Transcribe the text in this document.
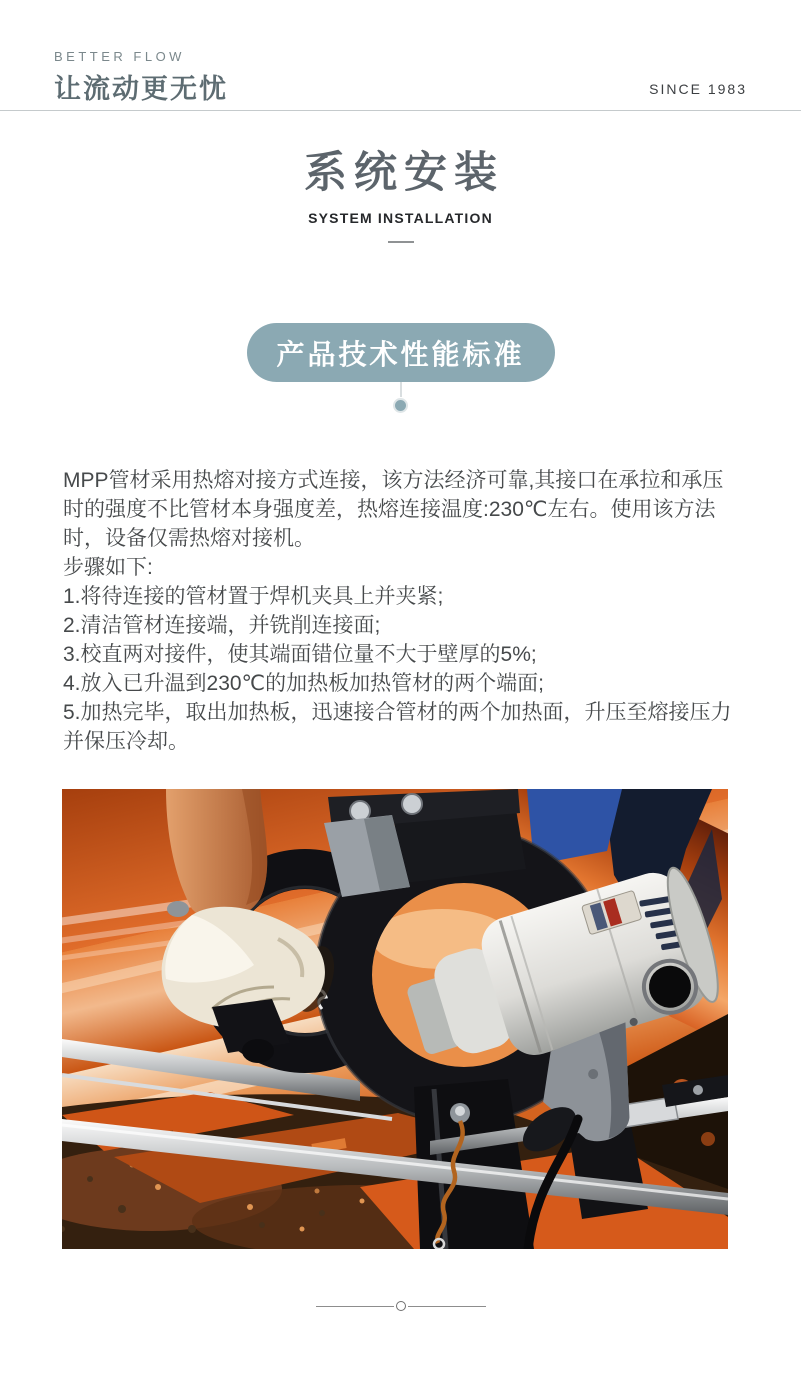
BETTER FLOW
让流动更无忧	SINCE 1983
系统安装
SYSTEM INSTALLATION
产品技术性能标准

MPP管材采用热熔对接方式连接，该方法经济可靠,其接口在承拉和承压时的强度不比管材本身强度差，热熔连接温度:230℃左右。使用该方法时，设备仅需热熔对接机。

步骤如下:

1.将待连接的管材置于焊机夹具上并夹紧;

2.清洁管材连接端，并铣削连接面;

3.校直两对接件，使其端面错位量不大于壁厚的5%;

4.放入已升温到230℃的加热板加热管材的两个端面;

5.加热完毕，取出加热板，迅速接合管材的两个加热面，升压至熔接压力并保压冷却。
